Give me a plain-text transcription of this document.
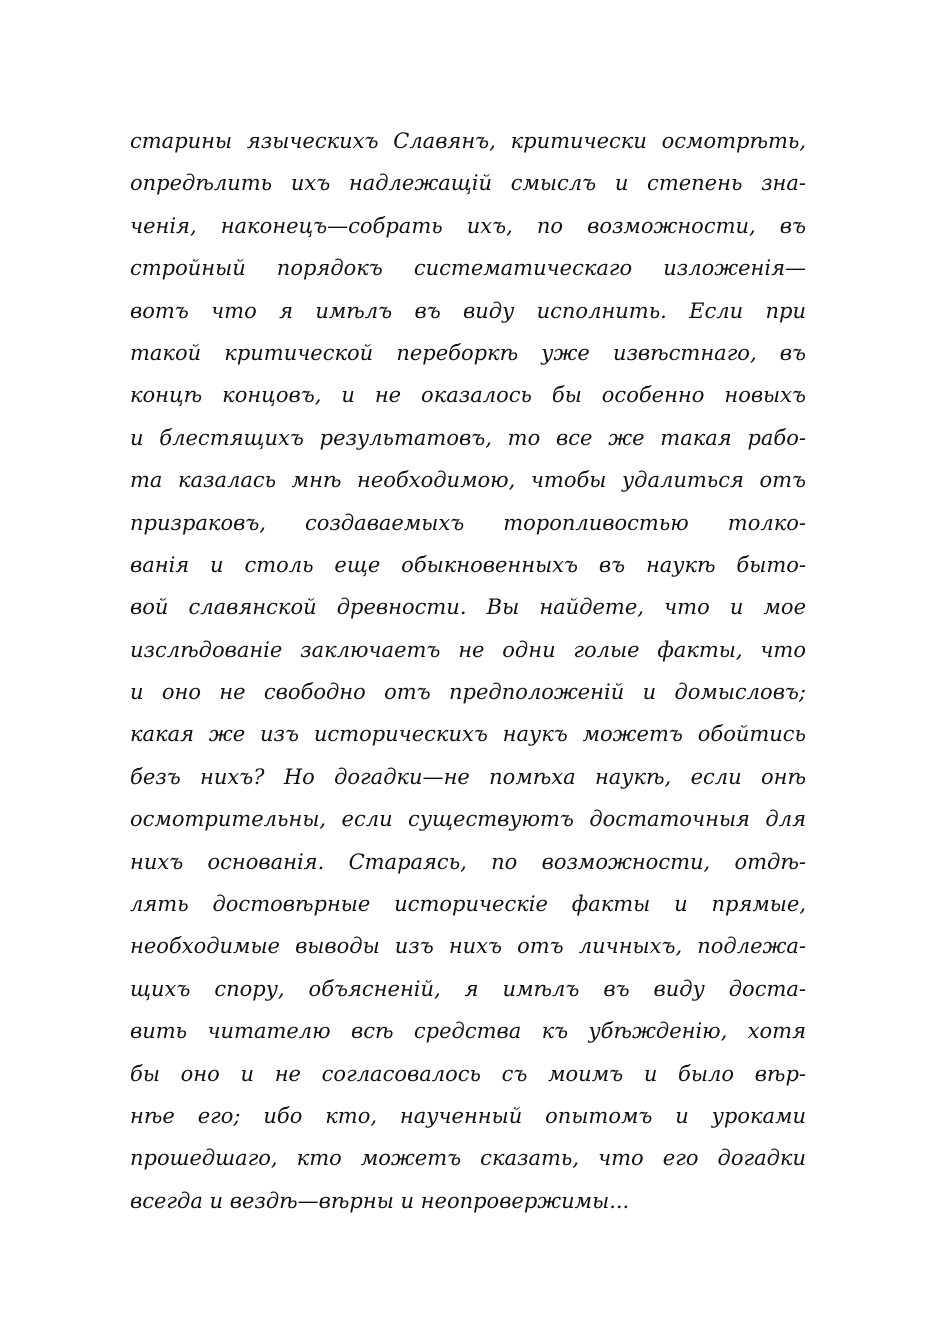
старины языческихъ Славянъ, критически осмотрѣть,
опредѣлить ихъ надлежащій смыслъ и степень зна-
ченія, наконецъ—собрать ихъ, по возможности, въ
стройный порядокъ систематическаго изложенія—
вотъ что я имѣлъ въ виду исполнить. Если при
такой критической переборкѣ уже извѣстнаго, въ
концѣ концовъ, и не оказалось бы особенно новыхъ
и блестящихъ результатовъ, то все же такая рабо-
та казалась мнѣ необходимою, чтобы удалиться отъ
призраковъ, создаваемыхъ торопливостью толко-
ванія и столь еще обыкновенныхъ въ наукѣ быто-
вой славянской древности. Вы найдете, что и мое
изслѣдованіе заключаетъ не одни голые факты, что
и оно не свободно отъ предположеній и домысловъ;
какая же изъ историческихъ наукъ можетъ обойтись
безъ нихъ? Но догадки—не помѣха наукѣ, если онѣ
осмотрительны, если существуютъ достаточныя для
нихъ основанія. Стараясь, по возможности, отдѣ-
лять достовѣрные историческіе факты и прямые,
необходимые выводы изъ нихъ отъ личныхъ, подлежа-
щихъ спору, объясненій, я имѣлъ въ виду доста-
вить читателю всѣ средства къ убѣжденію, хотя
бы оно и не согласовалось съ моимъ и было вѣр-
нѣе его; ибо кто, наученный опытомъ и уроками
прошедшаго, кто можетъ сказать, что его догадки
всегда и вездѣ—вѣрны и неопровержимы...
